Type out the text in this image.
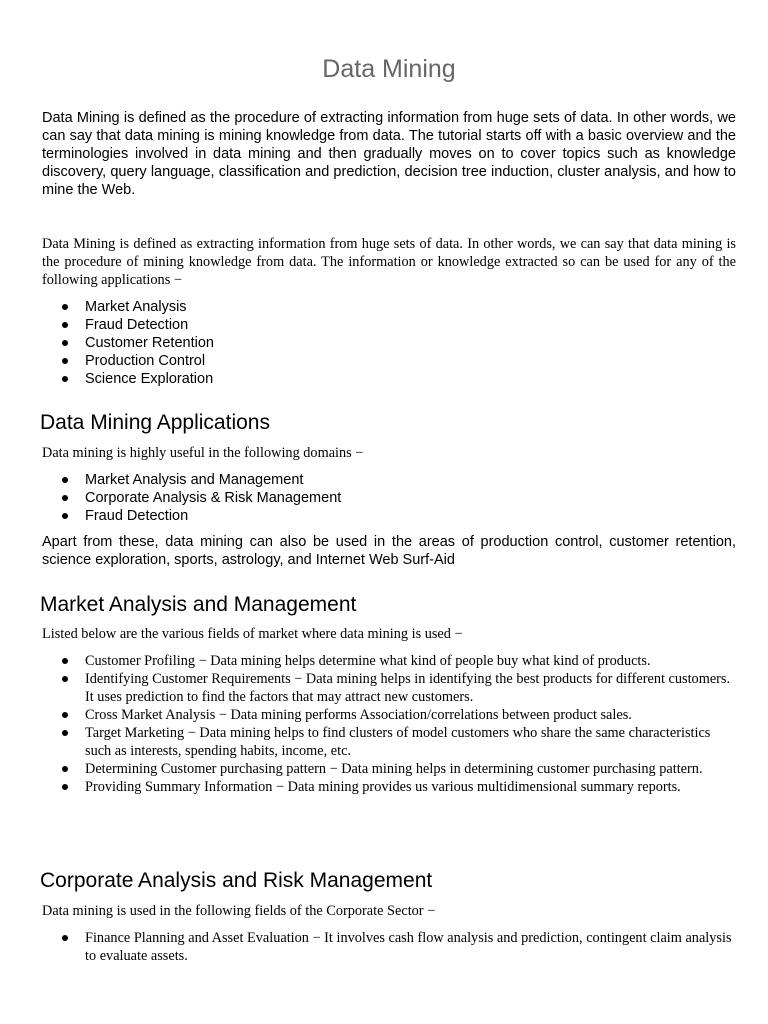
Data Mining

Data Mining is defined as the procedure of extracting information from huge sets of data. In other words, we can say that data mining is mining knowledge from data. The tutorial starts off with a basic overview and the terminologies involved in data mining and then gradually moves on to cover topics such as knowledge discovery, query language, classification and prediction, decision tree induction, cluster analysis, and how to mine the Web.

Data Mining is defined as extracting information from huge sets of data. In other words, we can say that data mining is the procedure of mining knowledge from data. The information or knowledge extracted so can be used for any of the following applications −

Market Analysis
Fraud Detection
Customer Retention
Production Control
Science Exploration
Data Mining Applications

Data mining is highly useful in the following domains −

Market Analysis and Management
Corporate Analysis & Risk Management
Fraud Detection

Apart from these, data mining can also be used in the areas of production control, customer retention, science exploration, sports, astrology, and Internet Web Surf-Aid

Market Analysis and Management

Listed below are the various fields of market where data mining is used −

Customer Profiling − Data mining helps determine what kind of people buy what kind of products.
Identifying Customer Requirements − Data mining helps in identifying the best products for different customers. It uses prediction to find the factors that may attract new customers.
Cross Market Analysis − Data mining performs Association/correlations between product sales.
Target Marketing − Data mining helps to find clusters of model customers who share the same characteristics such as interests, spending habits, income, etc.
Determining Customer purchasing pattern − Data mining helps in determining customer purchasing pattern.
Providing Summary Information − Data mining provides us various multidimensional summary reports.
Corporate Analysis and Risk Management

Data mining is used in the following fields of the Corporate Sector −

Finance Planning and Asset Evaluation − It involves cash flow analysis and prediction, contingent claim analysis to evaluate assets.
